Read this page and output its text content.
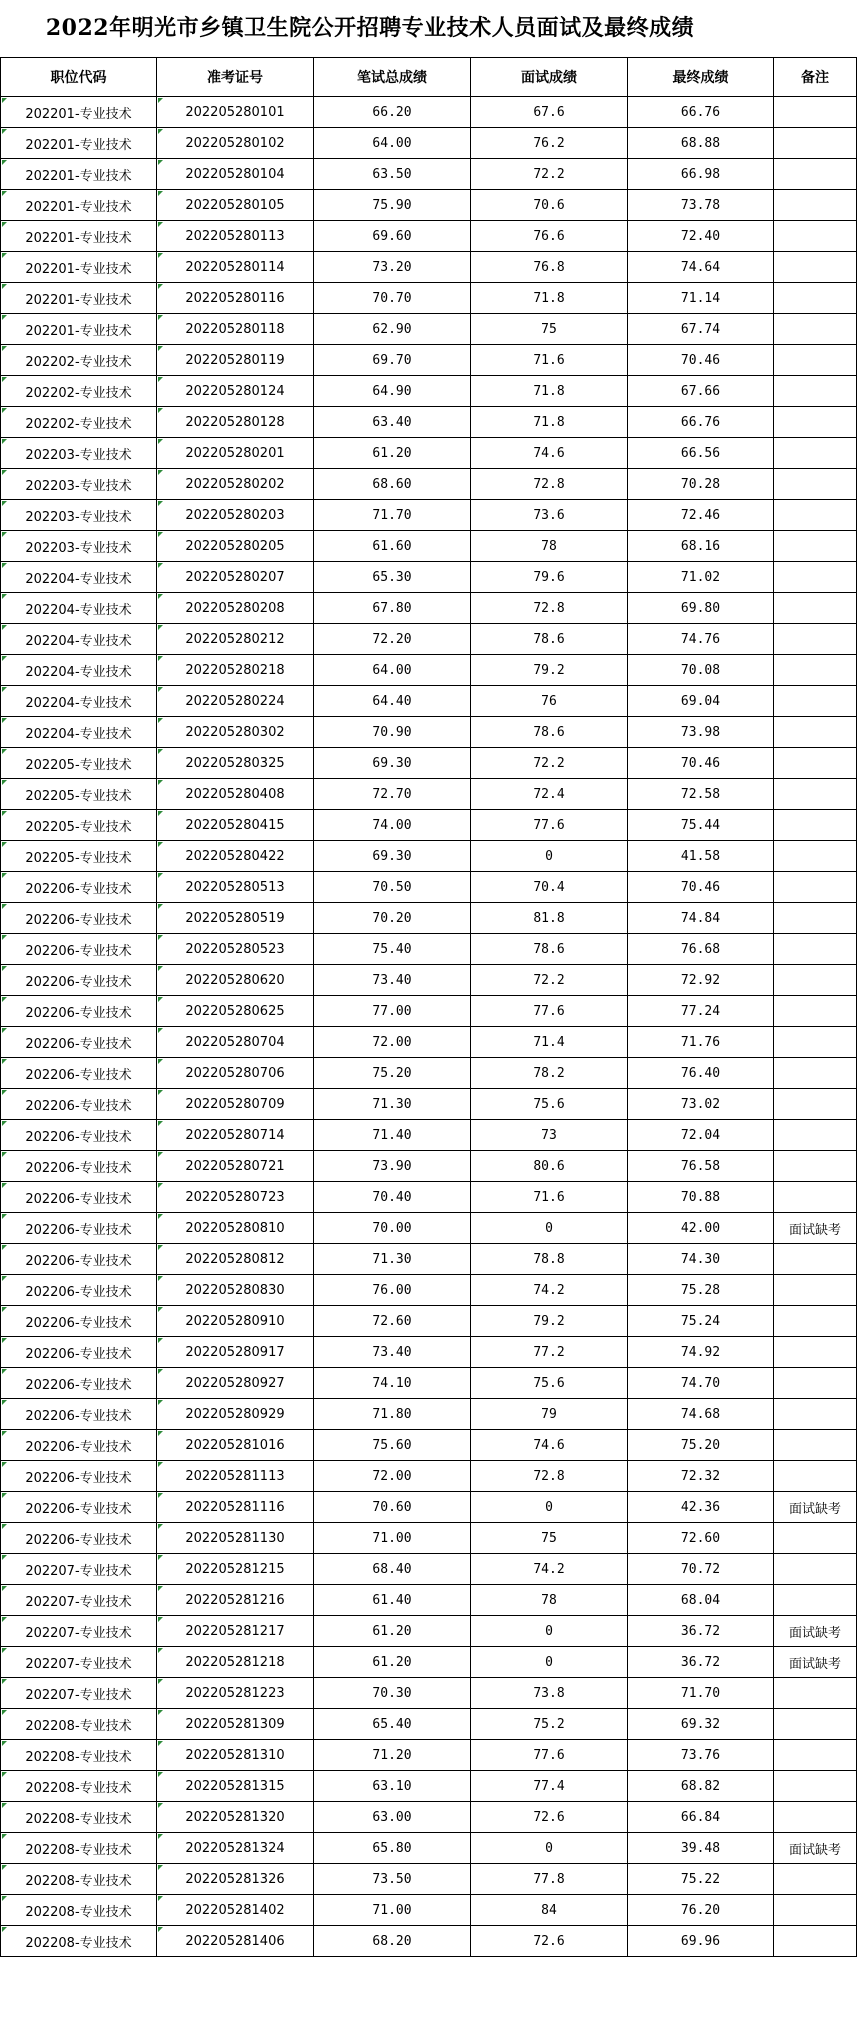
2022年明光市乡镇卫生院公开招聘专业技术人员面试及最终成绩
职位代码	准考证号	笔试总成绩	面试成绩	最终成绩	备注
202201-专业技术	202205280101	66.20	67.6	66.76	
202201-专业技术	202205280102	64.00	76.2	68.88	
202201-专业技术	202205280104	63.50	72.2	66.98	
202201-专业技术	202205280105	75.90	70.6	73.78	
202201-专业技术	202205280113	69.60	76.6	72.40	
202201-专业技术	202205280114	73.20	76.8	74.64	
202201-专业技术	202205280116	70.70	71.8	71.14	
202201-专业技术	202205280118	62.90	75	67.74	
202202-专业技术	202205280119	69.70	71.6	70.46	
202202-专业技术	202205280124	64.90	71.8	67.66	
202202-专业技术	202205280128	63.40	71.8	66.76	
202203-专业技术	202205280201	61.20	74.6	66.56	
202203-专业技术	202205280202	68.60	72.8	70.28	
202203-专业技术	202205280203	71.70	73.6	72.46	
202203-专业技术	202205280205	61.60	78	68.16	
202204-专业技术	202205280207	65.30	79.6	71.02	
202204-专业技术	202205280208	67.80	72.8	69.80	
202204-专业技术	202205280212	72.20	78.6	74.76	
202204-专业技术	202205280218	64.00	79.2	70.08	
202204-专业技术	202205280224	64.40	76	69.04	
202204-专业技术	202205280302	70.90	78.6	73.98	
202205-专业技术	202205280325	69.30	72.2	70.46	
202205-专业技术	202205280408	72.70	72.4	72.58	
202205-专业技术	202205280415	74.00	77.6	75.44	
202205-专业技术	202205280422	69.30	0	41.58	
202206-专业技术	202205280513	70.50	70.4	70.46	
202206-专业技术	202205280519	70.20	81.8	74.84	
202206-专业技术	202205280523	75.40	78.6	76.68	
202206-专业技术	202205280620	73.40	72.2	72.92	
202206-专业技术	202205280625	77.00	77.6	77.24	
202206-专业技术	202205280704	72.00	71.4	71.76	
202206-专业技术	202205280706	75.20	78.2	76.40	
202206-专业技术	202205280709	71.30	75.6	73.02	
202206-专业技术	202205280714	71.40	73	72.04	
202206-专业技术	202205280721	73.90	80.6	76.58	
202206-专业技术	202205280723	70.40	71.6	70.88	
202206-专业技术	202205280810	70.00	0	42.00	面试缺考
202206-专业技术	202205280812	71.30	78.8	74.30	
202206-专业技术	202205280830	76.00	74.2	75.28	
202206-专业技术	202205280910	72.60	79.2	75.24	
202206-专业技术	202205280917	73.40	77.2	74.92	
202206-专业技术	202205280927	74.10	75.6	74.70	
202206-专业技术	202205280929	71.80	79	74.68	
202206-专业技术	202205281016	75.60	74.6	75.20	
202206-专业技术	202205281113	72.00	72.8	72.32	
202206-专业技术	202205281116	70.60	0	42.36	面试缺考
202206-专业技术	202205281130	71.00	75	72.60	
202207-专业技术	202205281215	68.40	74.2	70.72	
202207-专业技术	202205281216	61.40	78	68.04	
202207-专业技术	202205281217	61.20	0	36.72	面试缺考
202207-专业技术	202205281218	61.20	0	36.72	面试缺考
202207-专业技术	202205281223	70.30	73.8	71.70	
202208-专业技术	202205281309	65.40	75.2	69.32	
202208-专业技术	202205281310	71.20	77.6	73.76	
202208-专业技术	202205281315	63.10	77.4	68.82	
202208-专业技术	202205281320	63.00	72.6	66.84	
202208-专业技术	202205281324	65.80	0	39.48	面试缺考
202208-专业技术	202205281326	73.50	77.8	75.22	
202208-专业技术	202205281402	71.00	84	76.20	
202208-专业技术	202205281406	68.20	72.6	69.96	
